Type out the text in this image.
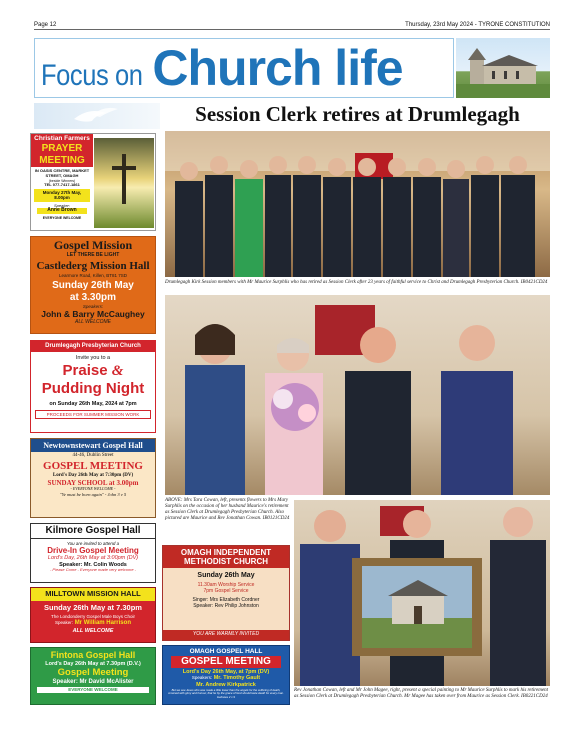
Page 12	Thursday, 23rd May 2024 - TYRONE CONSTITUTION
Focus on Church life
Session Clerk retires at Drumlegagh
Christian Farmers
PRAYER
MEETING
IN OASIS CENTRE, MARKET STREET, OMAGH
(beside Winners)
TEL 077-7417-1861
Monday 27th May, 8.00pm
Speaker:
Anne Brown
EVERYONE WELCOME
Gospel Mission
LET THERE BE LIGHT
Castlederg Mission Hall
Learmore Road, Killen, BT81 7SD
Sunday 26th May
at 3.30pm
Speakers:
John & Barry McCaughey
ALL WELCOME
Drumlegagh Presbyterian Church
Invite you to a
Praise &
Pudding Night
on Sunday 26th May, 2024 at 7pm
PROCEEDS FOR SUMMER MISSION WORK
Newtownstewart Gospel Hall
44-46, Dublin Street
GOSPEL MEETING
Lord's Day 26th May at 7:30pm (DV)
SUNDAY SCHOOL at 3.00pm
- EVERYONE WELCOME -
"Ye must be born again" - John 3 v 5
Kilmore Gospel Hall
You are invited to attend a
Drive-In Gospel Meeting
Lord's Day, 26th May at 3:00pm (DV)
Speaker: Mr. Colin Woods
- Please Come - Everyone made very welcome -
MILLTOWN MISSION HALL
Sunday 26th May at 7.30pm
The Londonderry Gospel Male Boys Choir
Speaker: Mr William Harrison
ALL WELCOME
Fintona Gospel Hall
Lord's Day 26th May at 7.30pm (D.V.)
Gospel Meeting
Speaker: Mr David McAlister
EVERYONE WELCOME
Drumlegagh Kirk Session members with Mr Maurice Surphlis who has retired as Session Clerk after 23 years of faithful service to Christ and Drumlegagh Presbyterian Church. IB0421CD24
ABOVE: Mrs Tara Cowan, left, presents flowers to Mrs Mary Surphlis on the occasion of her husband Maurice's retirement as Session Clerk at Drumlegagh Presbyterian Church. Also pictured are Maurice and Rev Jonathan Cowan. IB0121CD24
OMAGH INDEPENDENT
METHODIST CHURCH
Sunday 26th May
11.30am Worship Service
7pm Gospel Service
Singer: Mrs Elizabeth Cordner
Speaker: Rev Philip Johnston
YOU ARE WARMLY INVITED
OMAGH GOSPEL HALL
GOSPEL MEETING
Lord's Day 26th May, at 7pm (DV)
Speakers: Mr. Timothy Gault
Mr. Andrew Kirkpatrick
But we see Jesus who was made a little lower than the angels for the suffering of death, crowned with glory and honour, that he by the grace of God should taste death for every man. Hebrews 2 v 9
Rev Jonathan Cowan, left and Mr John Magee, right, present a special painting to Mr Maurice Surphlis to mark his retirement as Session Clerk at Drumlegagh Presbyterian Church. Mr Magee has taken over from Maurice as Session Clerk. IB0221CD24
